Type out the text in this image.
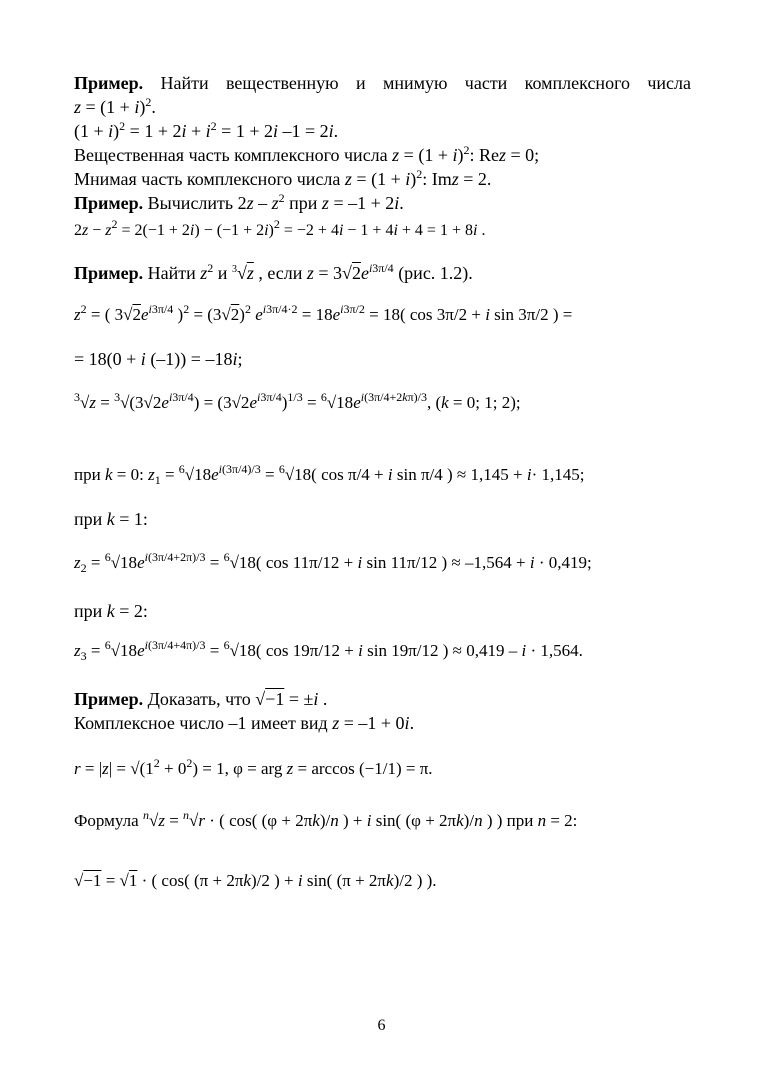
Пример. Найти вещественную и мнимую части комплексного числа
$z = (1 + i)^2$.
$(1 + i)^2 = 1 + 2i + i^2 = 1 + 2i$ –1 = 2i.
Вещественная часть комплексного числа $z = (1 + i)^2$: Rez = 0;
Мнимая часть комплексного числа $z = (1 + i)^2$: Imz = 2.
Пример. Вычислить $2z - z^2$ при z = –1 + 2i.
$2z - z^2 = 2(-1 + 2i) - (-1 + 2i)^2 = -2 + 4i - 1 + 4i + 4 = 1 + 8i$ .
Пример. Найти $z^2$ и $^3$√z , если $z = 3√2e^{i3\pi/4}$ (рис. 1.2).
$z^2$ = ( $3√2e^{i3\pi/4}$ )$^2 = (3√2)^2$ $e^{i3\pi/4\cdot 2} = 18e^{i3\pi/2} = 18$( cos 3π/2 + i sin 3π/2 ) =
= 18(0 + i (–1)) = –18i;
$^3√z = ^3√(3√2e^{i3\pi/4}) = (3√2e^{i3\pi/4})^{1/3} = ^6√18e^{i(3\pi/4+2k\pi)/3}$, (k = 0; 1; 2);
при k = 0: $z_1 = ^6√18e^{i(3\pi/4)/3} = ^6√18$( cos π/4 + i sin π/4 ) ≈ 1,145 + i· 1,145;
при k = 1:
$z_2 = ^6√18e^{i(3\pi/4+2\pi)/3} = ^6√18$( cos 11π/12 + i sin 11π/12 ) ≈ –1,564 + i · 0,419;
при k = 2:
$z_3 = ^6√18e^{i(3\pi/4+4\pi)/3} = ^6√18$( cos 19π/12 + i sin 19π/12 ) ≈ 0,419 – i · 1,564.
Пример. Доказать, что √−1 = ±i .
Комплексное число –1 имеет вид z = –1 + 0i.
$r = |z| = √(1^2 + 0^2) = 1$, φ = arg z = arccos (−1/1) = π.
Формула $^n$√z = $^n$√r · ( cos( (φ + 2πk)/n ) + i sin( (φ + 2πk)/n ) ) при n = 2:
√−1 = √1 · ( cos( (π + 2πk)/2 ) + i sin( (π + 2πk)/2 ) ).
6
